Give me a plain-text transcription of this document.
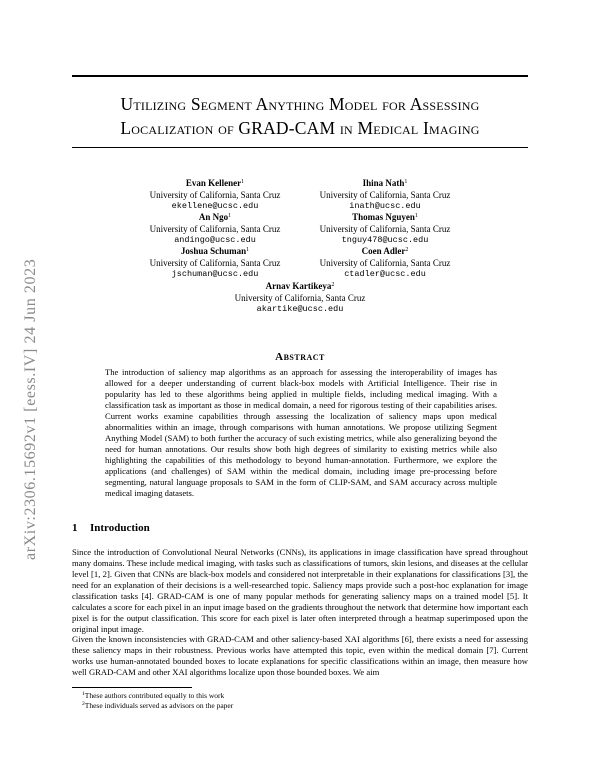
arXiv:2306.15692v1 [eess.IV] 24 Jun 2023
Utilizing Segment Anything Model for Assessing
Localization of GRAD-CAM in Medical Imaging
Evan Kellener$^1$
University of California, Santa Cruz
ekellene@ucsc.edu
Ihina Nath$^1$
University of California, Santa Cruz
inath@ucsc.edu
An Ngo$^1$
University of California, Santa Cruz
andingo@ucsc.edu
Thomas Nguyen$^1$
University of California, Santa Cruz
tnguy478@ucsc.edu
Joshua Schuman$^1$
University of California, Santa Cruz
jschuman@ucsc.edu
Coen Adler$^2$
University of California, Santa Cruz
ctadler@ucsc.edu
Arnav Kartikeya$^2$
University of California, Santa Cruz
akartike@ucsc.edu
Abstract
The introduction of saliency map algorithms as an approach for assessing the interoperability of images has allowed for a deeper understanding of current black-box models with Artificial Intelligence. Their rise in popularity has led to these algorithms being applied in multiple fields, including medical imaging. With a classification task as important as those in medical domain, a need for rigorous testing of their capabilities arises. Current works examine capabilities through assessing the localization of saliency maps upon medical abnormalities within an image, through comparisons with human annotations. We propose utilizing Segment Anything Model (SAM) to both further the accuracy of such existing metrics, while also generalizing beyond the need for human annotations. Our results show both high degrees of similarity to existing metrics while also highlighting the capabilities of this methodology to beyond human-annotation. Furthermore, we explore the applications (and challenges) of SAM within the medical domain, including image pre-processing before segmenting, natural language proposals to SAM in the form of CLIP-SAM, and SAM accuracy across multiple medical imaging datasets.
1 Introduction
Since the introduction of Convolutional Neural Networks (CNNs), its applications in image classification have spread throughout many domains. These include medical imaging, with tasks such as classifications of tumors, skin lesions, and diseases at the cellular level [1, 2]. Given that CNNs are black-box models and considered not interpretable in their explanations for classifications [3], the need for an explanation of their decisions is a well-researched topic. Saliency maps provide such a post-hoc explanation for image classification tasks [4]. GRAD-CAM is one of many popular methods for generating saliency maps on a trained model [5]. It calculates a score for each pixel in an input image based on the gradients throughout the network that determine how important each pixel is for the output classification. This score for each pixel is later often interpreted through a heatmap superimposed upon the original input image.
Given the known inconsistencies with GRAD-CAM and other saliency-based XAI algorithms [6], there exists a need for assessing these saliency maps in their robustness. Previous works have attempted this topic, even within the medical domain [7]. Current works use human-annotated bounded boxes to locate explanations for specific classifications within an image, then measure how well GRAD-CAM and other XAI algorithms localize upon those bounded boxes. We aim
$^1$These authors contributed equally to this work
$^2$These individuals served as advisors on the paper
